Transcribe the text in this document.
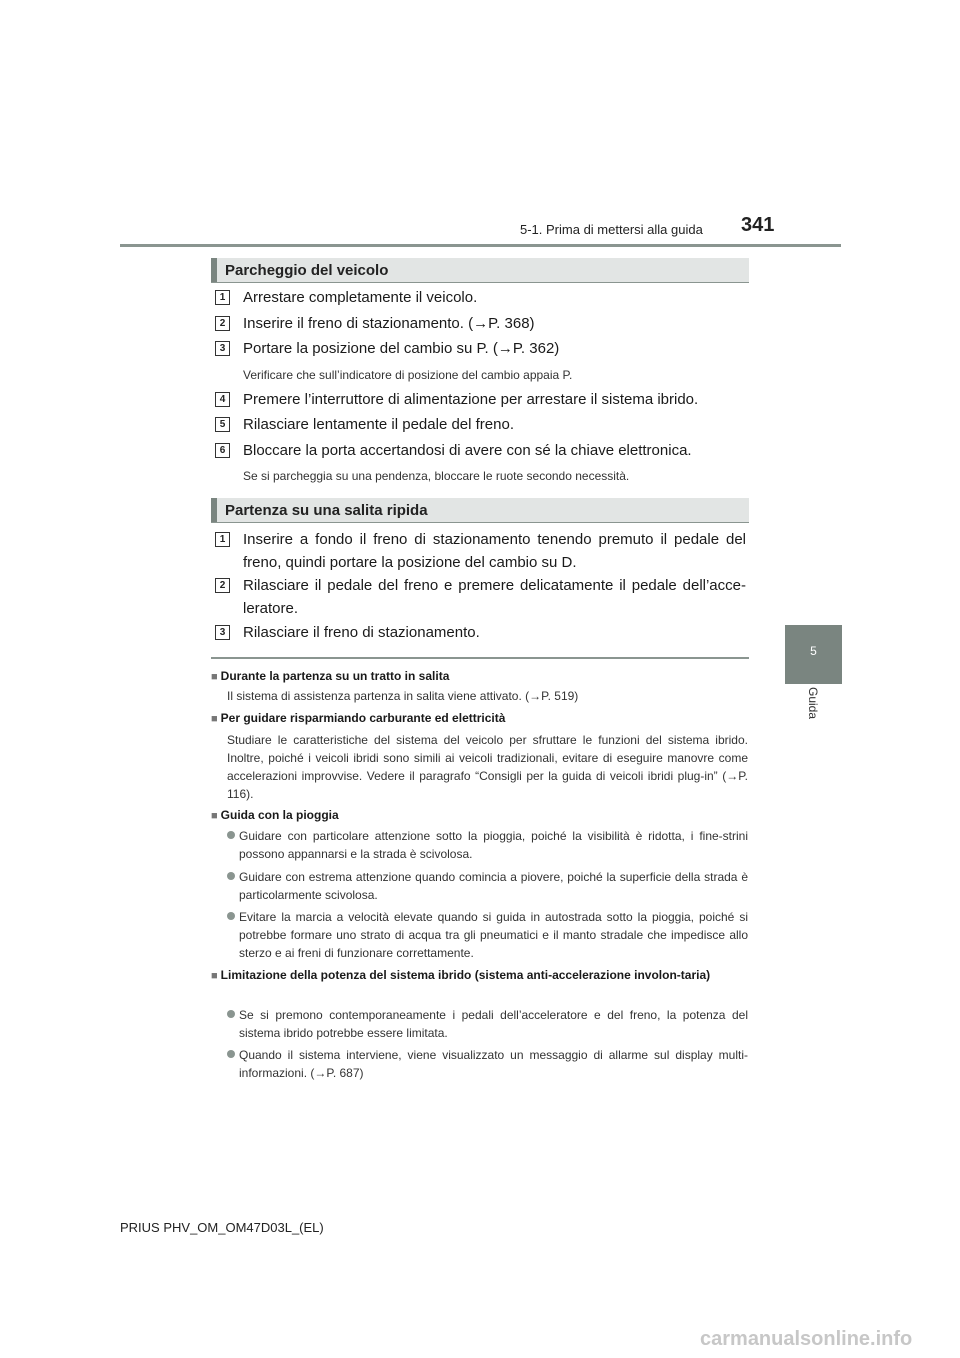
5-1. Prima di mettersi alla guida 341
5
Guida
Parcheggio del veicolo
1	Arrestare completamente il veicolo.
2	Inserire il freno di stazionamento. (→P. 368)
3	Portare la posizione del cambio su P. (→P. 362)
Verificare che sull’indicatore di posizione del cambio appaia P.
4	Premere l’interruttore di alimentazione per arrestare il sistema ibrido.
5	Rilasciare lentamente il pedale del freno.
6	Bloccare la porta accertandosi di avere con sé la chiave elettronica.
Se si parcheggia su una pendenza, bloccare le ruote secondo necessità.
Partenza su una salita ripida
1	Inserire a fondo il freno di stazionamento tenendo premuto il pedale del freno, quindi portare la posizione del cambio su D.
2	Rilasciare il pedale del freno e premere delicatamente il pedale dell’acce-leratore.
3	Rilasciare il freno di stazionamento.
■ Durante la partenza su un tratto in salita
Il sistema di assistenza partenza in salita viene attivato. (→P. 519)
■ Per guidare risparmiando carburante ed elettricità
Studiare le caratteristiche del sistema del veicolo per sfruttare le funzioni del sistema ibrido. Inoltre, poiché i veicoli ibridi sono simili ai veicoli tradizionali, evitare di eseguire manovre come accelerazioni improvvise. Vedere il paragrafo “Consigli per la guida di veicoli ibridi plug-in” (→P. 116).
■ Guida con la pioggia
Guidare con particolare attenzione sotto la pioggia, poiché la visibilità è ridotta, i fine-strini possono appannarsi e la strada è scivolosa.
Guidare con estrema attenzione quando comincia a piovere, poiché la superficie della strada è particolarmente scivolosa.
Evitare la marcia a velocità elevate quando si guida in autostrada sotto la pioggia, poiché si potrebbe formare uno strato di acqua tra gli pneumatici e il manto stradale che impedisce allo sterzo e ai freni di funzionare correttamente.
■ Limitazione della potenza del sistema ibrido (sistema anti-accelerazione involon-taria)
Se si premono contemporaneamente i pedali dell’acceleratore e del freno, la potenza del sistema ibrido potrebbe essere limitata.
Quando il sistema interviene, viene visualizzato un messaggio di allarme sul display multi-informazioni. (→P. 687)
PRIUS PHV_OM_OM47D03L_(EL)
carmanualsonline.info
